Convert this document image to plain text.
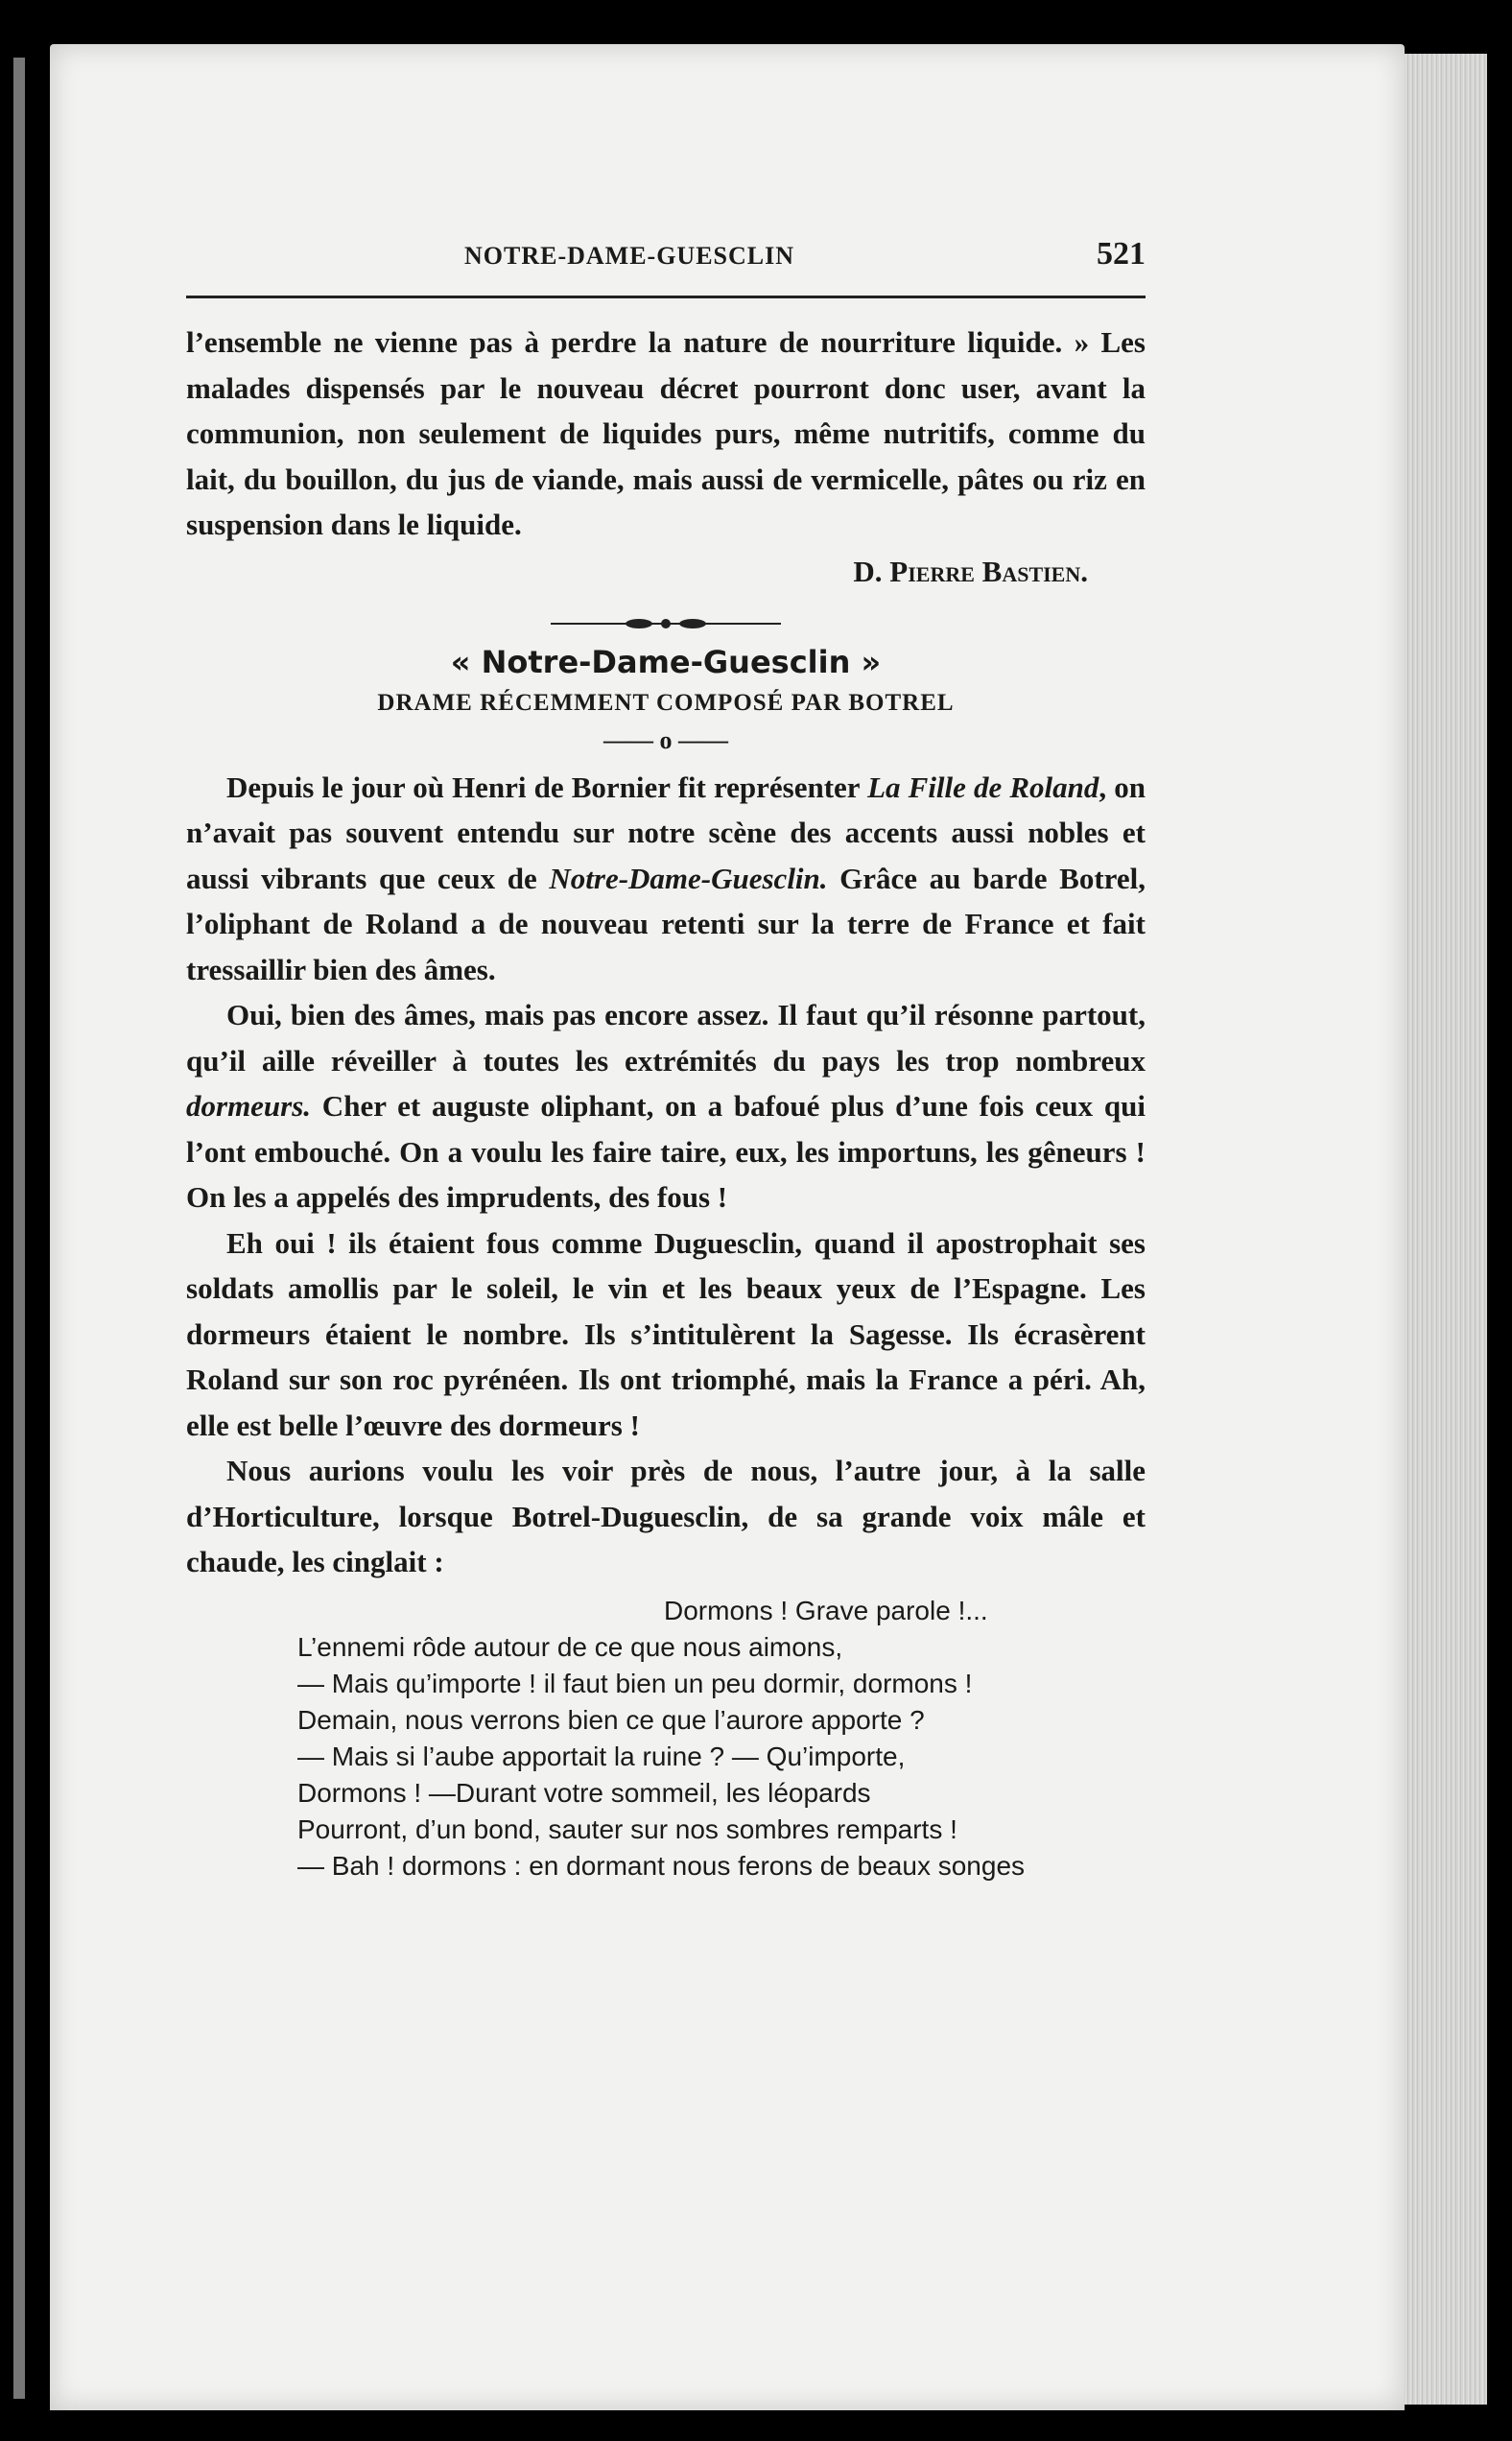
NOTRE-DAME-GUESCLIN	521

l’ensemble ne vienne pas à perdre la nature de nourriture liquide. » Les malades dispensés par le nouveau décret pourront donc user, avant la communion, non seulement de liquides purs, même nutritifs, comme du lait, du bouillon, du jus de viande, mais aussi de vermicelle, pâtes ou riz en suspension dans le liquide.

D. Pierre Bastien.
« Notre-Dame-Guesclin »
DRAME RÉCEMMENT COMPOSÉ PAR BOTREL
—— o ——

Depuis le jour où Henri de Bornier fit représenter La Fille de Roland, on n’avait pas souvent entendu sur notre scène des accents aussi nobles et aussi vibrants que ceux de Notre-Dame-Guesclin. Grâce au barde Botrel, l’oliphant de Roland a de nouveau retenti sur la terre de France et fait tressaillir bien des âmes.

Oui, bien des âmes, mais pas encore assez. Il faut qu’il résonne partout, qu’il aille réveiller à toutes les extrémités du pays les trop nombreux dormeurs. Cher et auguste oliphant, on a bafoué plus d’une fois ceux qui l’ont embouché. On a voulu les faire taire, eux, les importuns, les gêneurs ! On les a appelés des imprudents, des fous !

Eh oui ! ils étaient fous comme Duguesclin, quand il apostrophait ses soldats amollis par le soleil, le vin et les beaux yeux de l’Espagne. Les dormeurs étaient le nombre. Ils s’intitulèrent la Sagesse. Ils écrasèrent Roland sur son roc pyrénéen. Ils ont triomphé, mais la France a péri. Ah, elle est belle l’œuvre des dormeurs !

Nous aurions voulu les voir près de nous, l’autre jour, à la salle d’Horticulture, lorsque Botrel-Duguesclin, de sa grande voix mâle et chaude, les cinglait :

Dormons ! Grave parole !...
L’ennemi rôde autour de ce que nous aimons,
— Mais qu’importe ! il faut bien un peu dormir, dormons !
Demain, nous verrons bien ce que l’aurore apporte ?
— Mais si l’aube apportait la ruine ? — Qu’importe,
Dormons ! —Durant votre sommeil, les léopards
Pourront, d’un bond, sauter sur nos sombres remparts !
— Bah ! dormons : en dormant nous ferons de beaux songes
